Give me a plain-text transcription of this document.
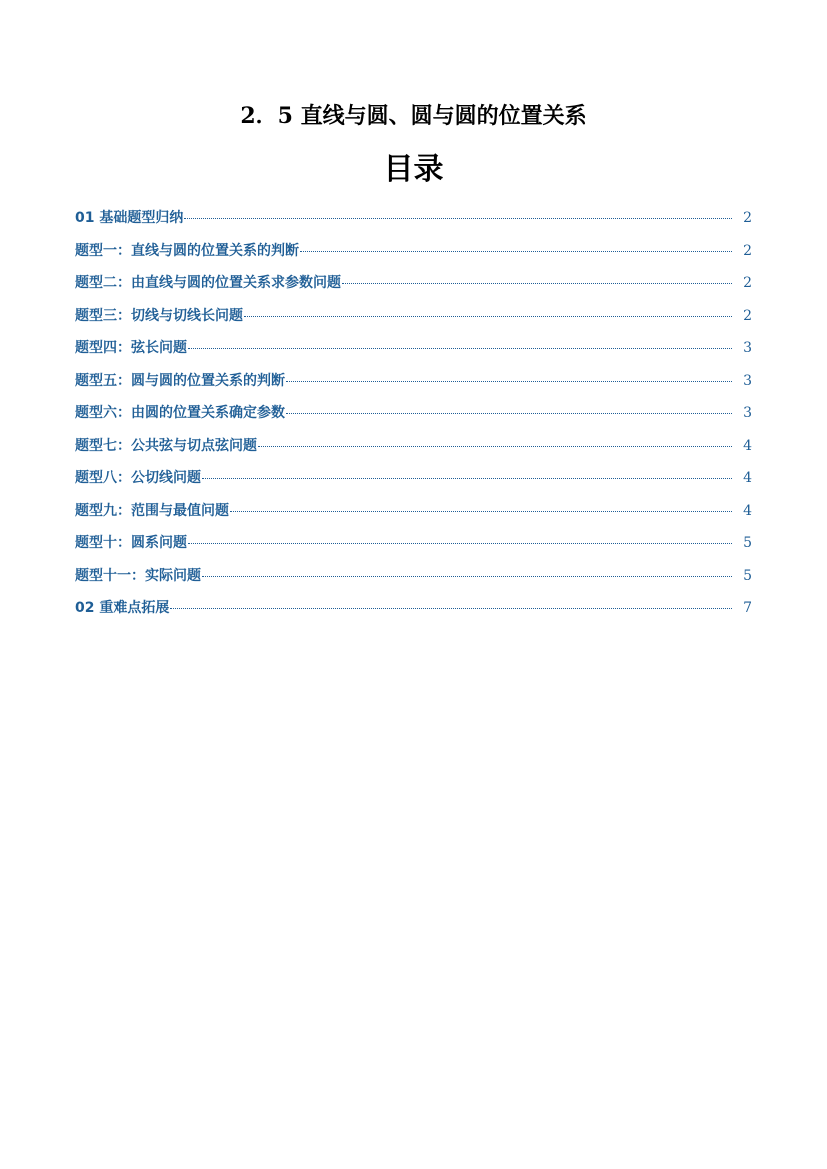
2．5 直线与圆、圆与圆的位置关系
目录
01 基础题型归纳	2
题型一：直线与圆的位置关系的判断	2
题型二：由直线与圆的位置关系求参数问题	2
题型三：切线与切线长问题	2
题型四：弦长问题	3
题型五：圆与圆的位置关系的判断	3
题型六：由圆的位置关系确定参数	3
题型七：公共弦与切点弦问题	4
题型八：公切线问题	4
题型九：范围与最值问题	4
题型十：圆系问题	5
题型十一：实际问题	5
02 重难点拓展	7
